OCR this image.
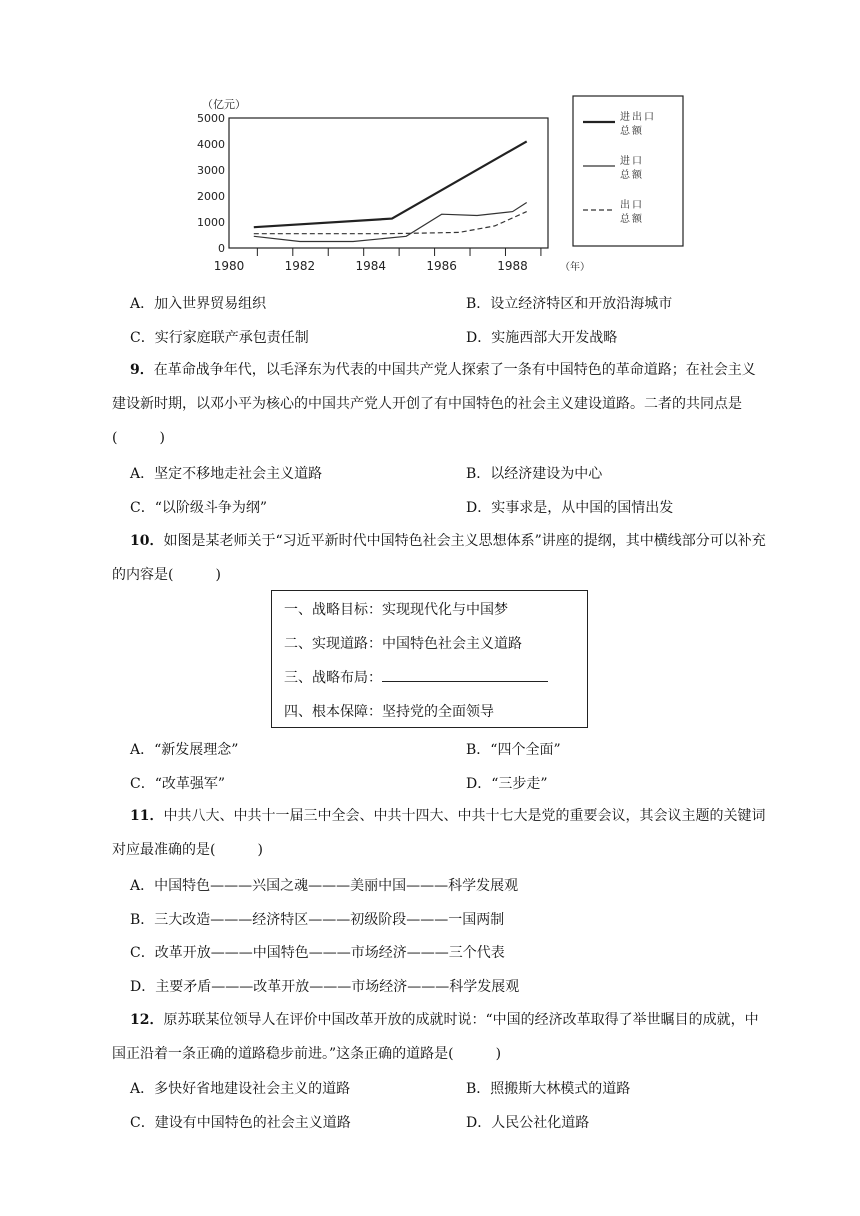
（亿元）
0
1000
2000
3000
4000
5000
1980	1982	1984	1986	1988	（年）
进出口
总额
进口
总额
出口
总额
A．加入世界贸易组织	B．设立经济特区和开放沿海城市
C．实行家庭联产承包责任制	D．实施西部大开发战略
9．在革命战争年代，以毛泽东为代表的中国共产党人探索了一条有中国特色的革命道路；在社会主义建设新时期，以邓小平为核心的中国共产党人开创了有中国特色的社会主义建设道路。二者的共同点是(　　　)
A．坚定不移地走社会主义道路	B．以经济建设为中心
C．“以阶级斗争为纲”	D．实事求是，从中国的国情出发
10．如图是某老师关于“习近平新时代中国特色社会主义思想体系”讲座的提纲，其中横线部分可以补充的内容是(　　　)
一、战略目标：实现现代化与中国梦
二、实现道路：中国特色社会主义道路
三、战略布局：
四、根本保障：坚持党的全面领导
A．“新发展理念”	B．“四个全面”
C．“改革强军”	D．“三步走”
11．中共八大、中共十一届三中全会、中共十四大、中共十七大是党的重要会议，其会议主题的关键词对应最准确的是(　　　)
A．中国特色———兴国之魂———美丽中国———科学发展观
B．三大改造———经济特区———初级阶段———一国两制
C．改革开放———中国特色———市场经济———三个代表
D．主要矛盾———改革开放———市场经济———科学发展观
12．原苏联某位领导人在评价中国改革开放的成就时说：“中国的经济改革取得了举世瞩目的成就，中国正沿着一条正确的道路稳步前进。”这条正确的道路是(　　　)
A．多快好省地建设社会主义的道路	B．照搬斯大林模式的道路
C．建设有中国特色的社会主义道路	D．人民公社化道路
